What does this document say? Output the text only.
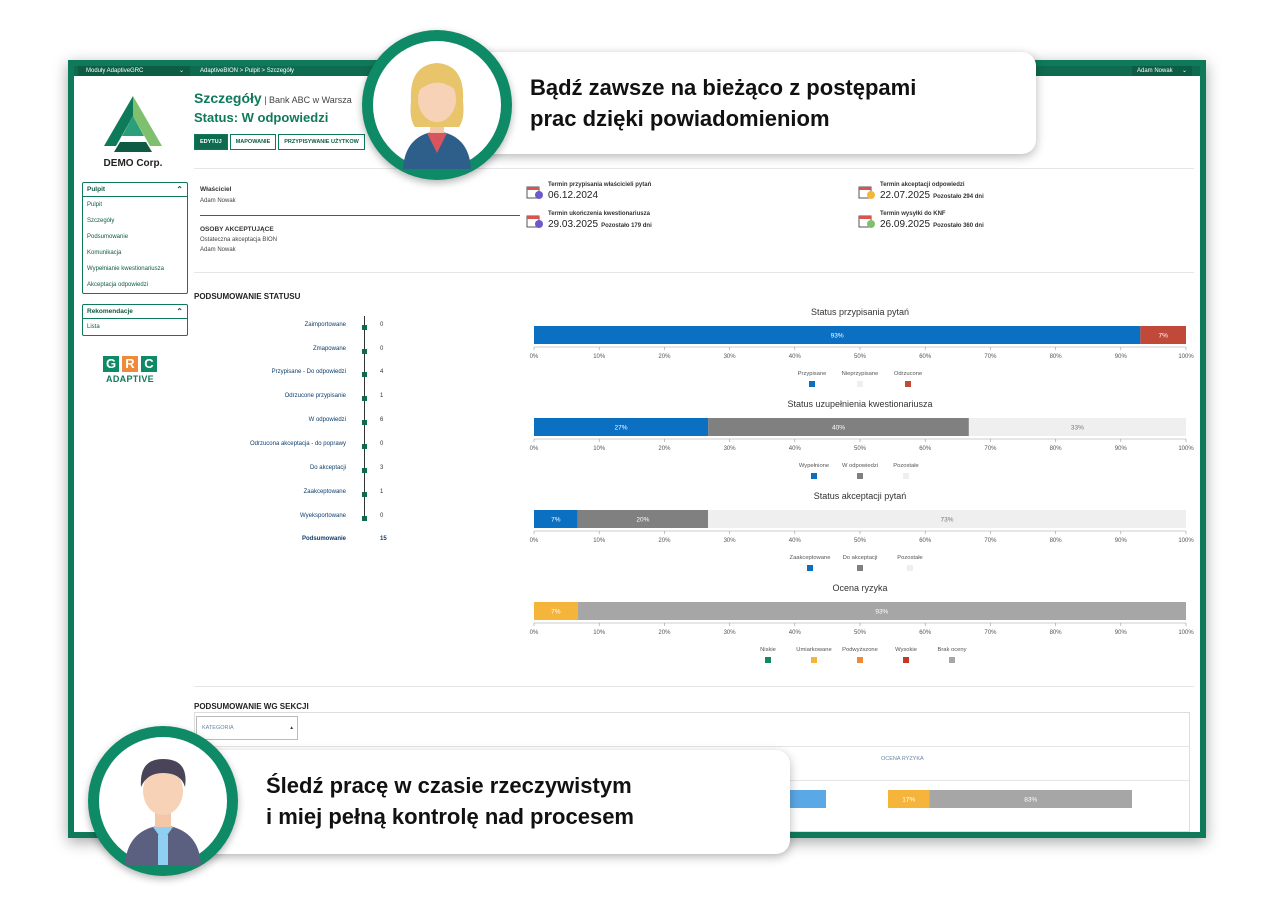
Moduły AdaptiveGRC	⌄	AdaptiveBION > Pulpit > Szczegóły	Adam Nowak ⌄
DEMO Corp.
Pulpit	⌃
Pulpit
Szczegóły
Podsumowanie
Komunikacja
Wypełnianie kwestionariusza
Akceptacja odpowiedzi
Rekomendacje	⌃
Lista
G R C
ADAPTIVE
Szczegóły | Bank ABC w Warsza
Status: W odpowiedzi
EDYTUJ	MAPOWANIE	PRZYPISYWANIE UŻYTKOW
Właściciel
Adam Nowak
OSOBY AKCEPTUJĄCE
Ostateczna akceptacja BION
Adam Nowak
Termin przypisania właścicieli pytań
06.12.2024
Termin ukończenia kwestionariusza
29.03.2025 Pozostało 179 dni
Termin akceptacji odpowiedzi
22.07.2025 Pozostało 294 dni
Termin wysyłki do KNF
26.09.2025 Pozostało 360 dni
PODSUMOWANIE STATUSU
Zaimportowane	0
Zmapowane	0
Przypisane - Do odpowiedzi	4
Odrzucone przypisanie	1
W odpowiedzi	6
Odrzucona akceptacja - do poprawy	0
Do akceptacji	3
Zaakceptowane	1
Wyeksportowane	0
Podsumowanie	15
Status przypisania pytań
93%	7%
0%	10%	20%	30%	40%	50%	60%	70%	80%	90%	100%
Przypisane	Nieprzypisane	Odrzucone
Status uzupełnienia kwestionariusza
27%	40%	33%
0%	10%	20%	30%	40%	50%	60%	70%	80%	90%	100%
Wypełnione W odpowiedzi	Pozostałe
Status akceptacji pytań
7%	20%	73%
0%	10%	20%	30%	40%	50%	60%	70%	80%	90%	100%
Zaakceptowane Do akceptacji	Pozostałe
Ocena ryzyka
7%	93%
0%	10%	20%	30%	40%	50%	60%	70%	80%	90%	100%
Niskie	Umiarkowane Podwyższone	Wysokie	Brak oceny
PODSUMOWANIE WG SEKCJI
KATEGORIA	▴
OCENA RYZYKA
17%	83%
Bądź zawsze na bieżąco z postępami
prac dzięki powiadomieniom
Śledź pracę w czasie rzeczywistym
i miej pełną kontrolę nad procesem
